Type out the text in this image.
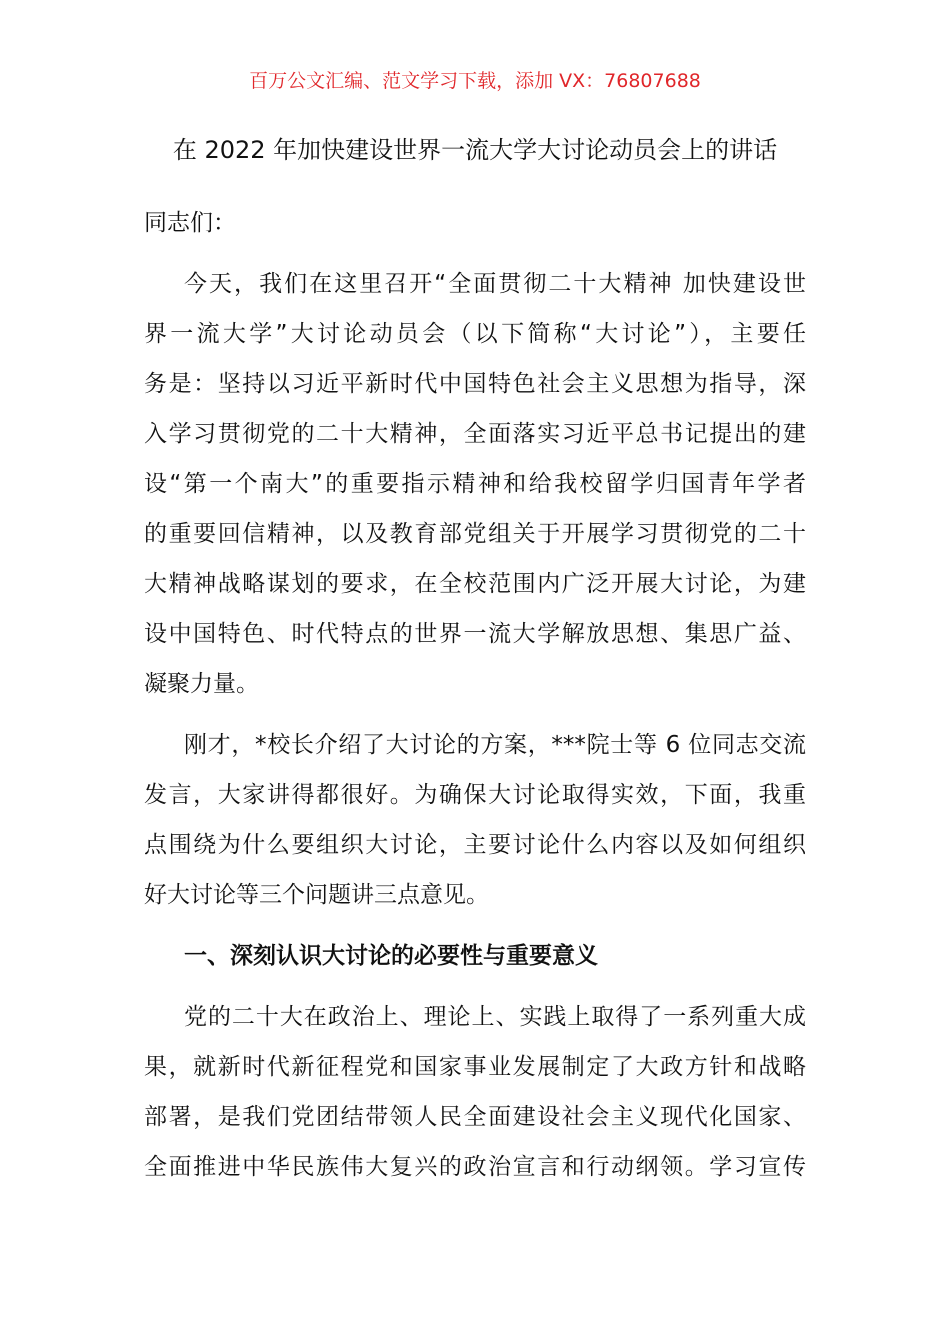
百万公文汇编、范文学习下载，添加 VX：76807688
在 2022 年加快建设世界一流大学大讨论动员会上的讲话
同志们：
今天，我们在这里召开“全面贯彻二十大精神 加快建设世
界一流大学”大讨论动员会（以下简称“大讨论”），主要任
务是：坚持以习近平新时代中国特色社会主义思想为指导，深
入学习贯彻党的二十大精神，全面落实习近平总书记提出的建
设“第一个南大”的重要指示精神和给我校留学归国青年学者
的重要回信精神，以及教育部党组关于开展学习贯彻党的二十
大精神战略谋划的要求，在全校范围内广泛开展大讨论，为建
设中国特色、时代特点的世界一流大学解放思想、集思广益、
凝聚力量。
刚才，*校长介绍了大讨论的方案，***院士等 6 位同志交流
发言，大家讲得都很好。为确保大讨论取得实效，下面，我重
点围绕为什么要组织大讨论，主要讨论什么内容以及如何组织
好大讨论等三个问题讲三点意见。
一、深刻认识大讨论的必要性与重要意义
党的二十大在政治上、理论上、实践上取得了一系列重大成
果，就新时代新征程党和国家事业发展制定了大政方针和战略
部署，是我们党团结带领人民全面建设社会主义现代化国家、
全面推进中华民族伟大复兴的政治宣言和行动纲领。学习宣传
